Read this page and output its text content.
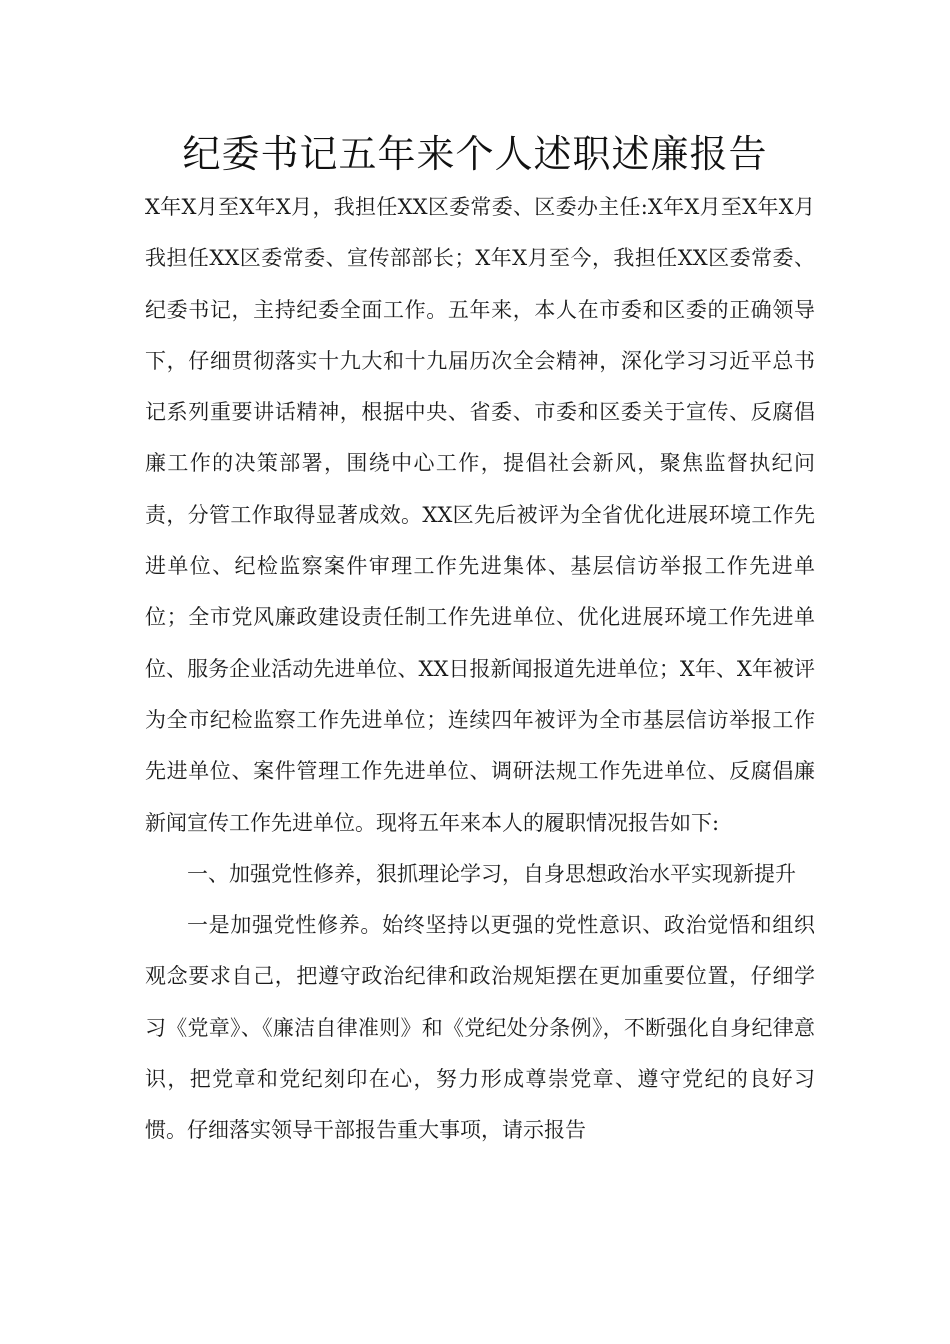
纪委书记五年来个人述职述廉报告

X年X月至X年X月，我担任XX区委常委、区委办主任:X年X月至X年X月我担任XX区委常委、宣传部部长；X年X月至今，我担任XX区委常委、纪委书记，主持纪委全面工作。五年来，本人在市委和区委的正确领导下，仔细贯彻落实十九大和十九届历次全会精神，深化学习习近平总书记系列重要讲话精神，根据中央、省委、市委和区委关于宣传、反腐倡廉工作的决策部署，围绕中心工作，提倡社会新风，聚焦监督执纪问责，分管工作取得显著成效。XX区先后被评为全省优化进展环境工作先进单位、纪检监察案件审理工作先进集体、基层信访举报工作先进单位；全市党风廉政建设责任制工作先进单位、优化进展环境工作先进单位、服务企业活动先进单位、XX日报新闻报道先进单位；X年、X年被评为全市纪检监察工作先进单位；连续四年被评为全市基层信访举报工作先进单位、案件管理工作先进单位、调研法规工作先进单位、反腐倡廉新闻宣传工作先进单位。现将五年来本人的履职情况报告如下:

一、加强党性修养，狠抓理论学习，自身思想政治水平实现新提升

一是加强党性修养。始终坚持以更强的党性意识、政治觉悟和组织观念要求自己，把遵守政治纪律和政治规矩摆在更加重要位置，仔细学习《党章》、《廉洁自律准则》和《党纪处分条例》，不断强化自身纪律意识，把党章和党纪刻印在心，努力形成尊崇党章、遵守党纪的良好习惯。仔细落实领导干部报告重大事项，请示报告
